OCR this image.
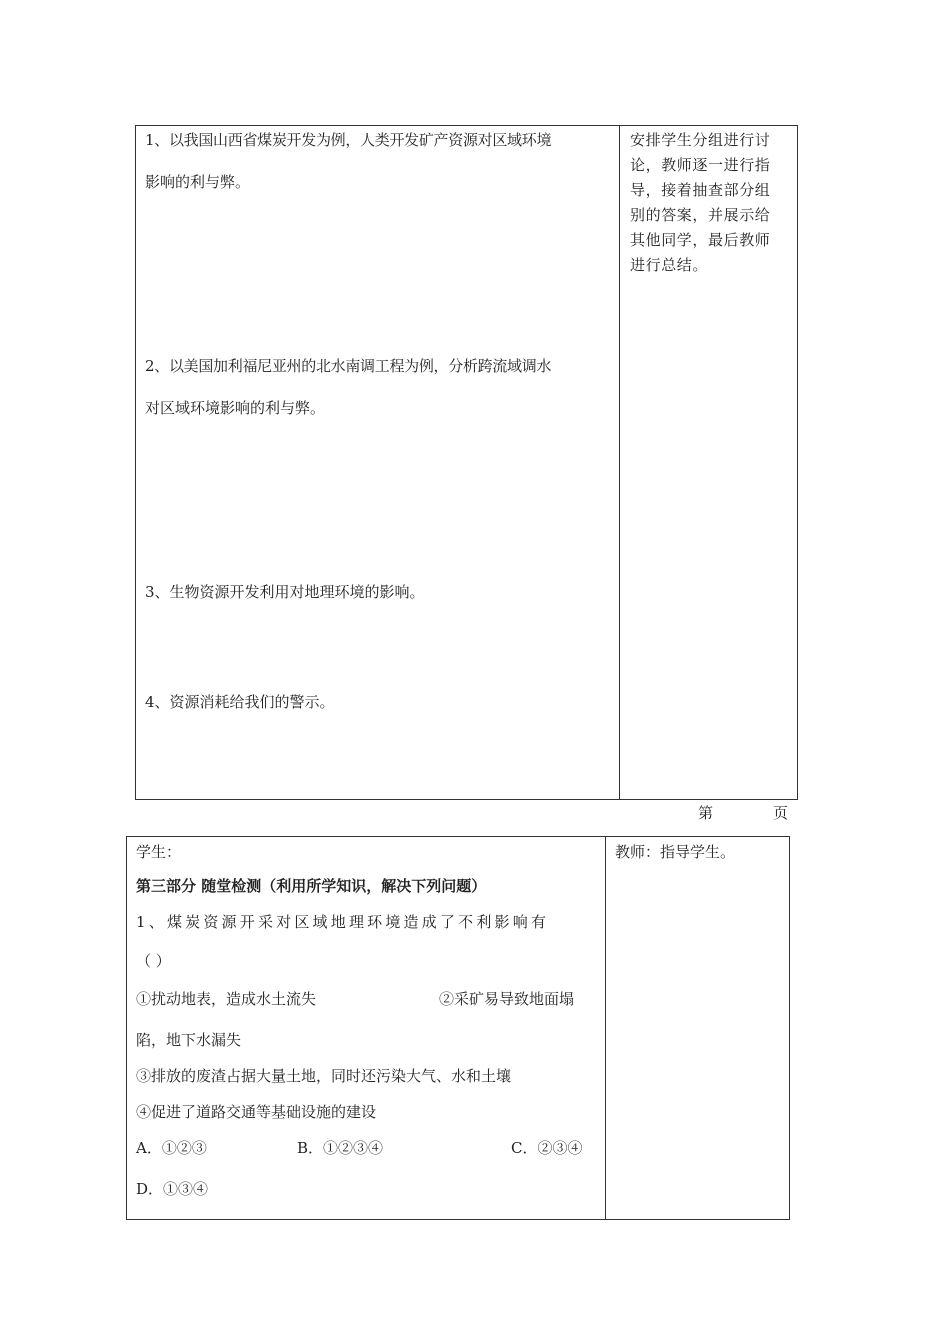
1、以我国山西省煤炭开发为例，人类开发矿产资源对区域环境
影响的利与弊。
2、以美国加利福尼亚州的北水南调工程为例，分析跨流域调水
对区域环境影响的利与弊。
3、生物资源开发利用对地理环境的影响。
4、资源消耗给我们的警示。
安排学生分组进行讨
论，教师逐一进行指
导，接着抽查部分组
别的答案，并展示给
其他同学，最后教师
进行总结。
第	页
学生：
第三部分 随堂检测（利用所学知识，解决下列问题）
1、煤炭资源开采对区域地理环境造成了不利影响有
（ ）
①扰动地表，造成水土流失	②采矿易导致地面塌
陷，地下水漏失
③排放的废渣占据大量土地，同时还污染大气、水和土壤
④促进了道路交通等基础设施的建设
A．①②③	B．①②③④	C．②③④
D．①③④
教师：指导学生。
